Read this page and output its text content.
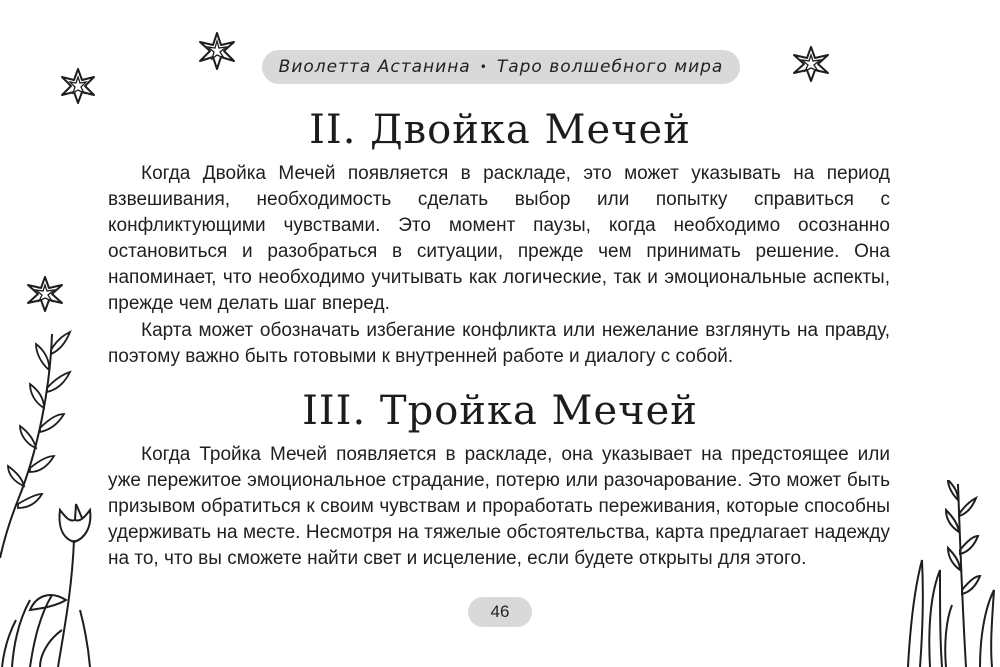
Виолетта Астанина • Таро волшебного мира
II. Двойка Мечей

Когда Двойка Мечей появляется в раскладе, это может указывать на период взвешивания, необходимость сделать выбор или попытку справиться с конфликтующими чувствами. Это момент паузы, когда необходимо осознанно остановиться и разобраться в ситуации, прежде чем принимать решение. Она напоминает, что необходимо учитывать как логические, так и эмоциональные аспекты, прежде чем делать шаг вперед.

Карта может обозначать избегание конфликта или нежелание взглянуть на правду, поэтому важно быть готовыми к внутренней работе и диалогу с собой.

III. Тройка Мечей

Когда Тройка Мечей появляется в раскладе, она указывает на предстоящее или уже пережитое эмоциональное страдание, потерю или разочарование. Это может быть призывом обратиться к своим чувствам и проработать переживания, которые способны удерживать на месте. Несмотря на тяжелые обстоятельства, карта предлагает надежду на то, что вы сможете найти свет и исцеление, если будете открыты для этого.

46
